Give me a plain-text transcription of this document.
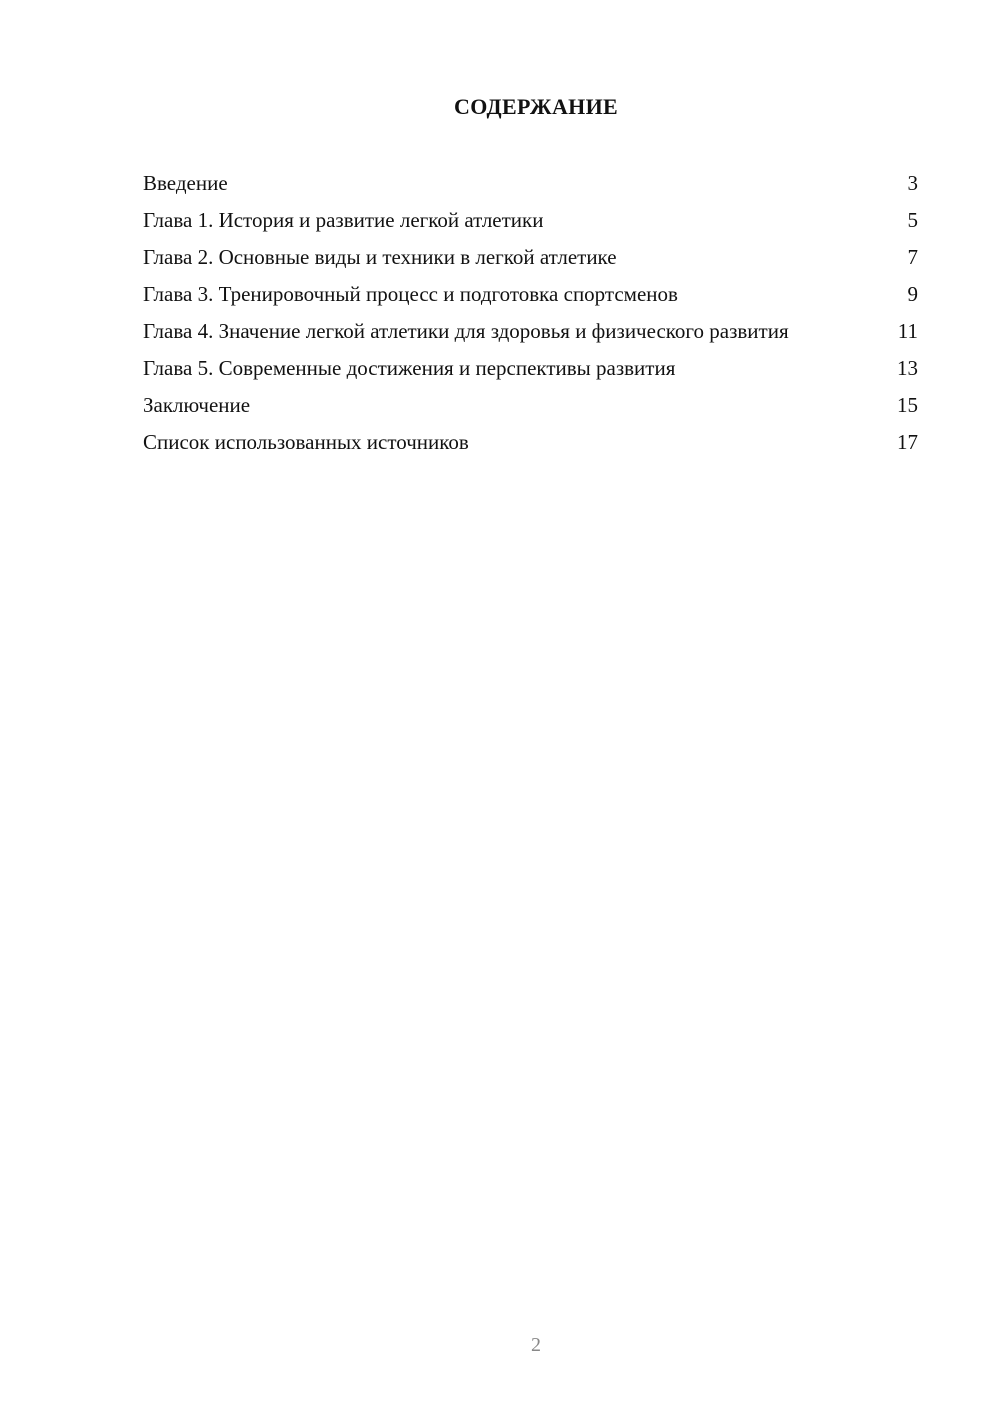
СОДЕРЖАНИЕ
Введение	3
Глава 1. История и развитие легкой атлетики	5
Глава 2. Основные виды и техники в легкой атлетике	7
Глава 3. Тренировочный процесс и подготовка спортсменов	9
Глава 4. Значение легкой атлетики для здоровья и физического развития	11
Глава 5. Современные достижения и перспективы развития	13
Заключение	15
Список использованных источников	17
2
